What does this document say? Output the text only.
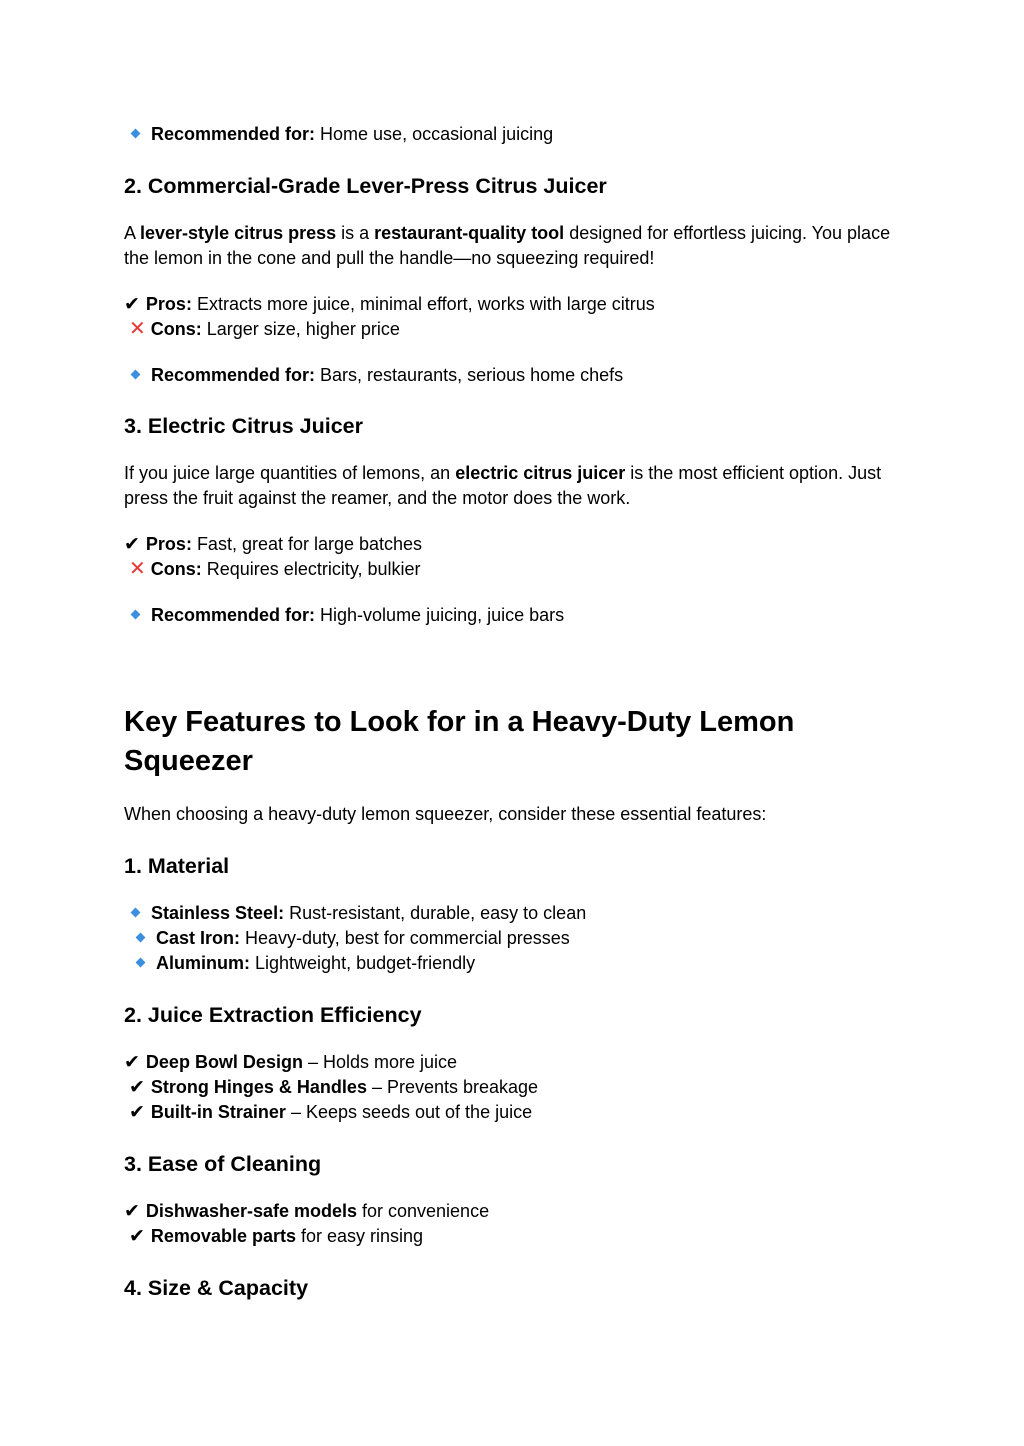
Recommended for: Home use, occasional juicing
2. Commercial-Grade Lever-Press Citrus Juicer
A lever-style citrus press is a restaurant-quality tool designed for effortless juicing. You place the lemon in the cone and pull the handle—no squeezing required!
✔ Pros: Extracts more juice, minimal effort, works with large citrus
✕ Cons: Larger size, higher price
Recommended for: Bars, restaurants, serious home chefs
3. Electric Citrus Juicer
If you juice large quantities of lemons, an electric citrus juicer is the most efficient option. Just press the fruit against the reamer, and the motor does the work.
✔ Pros: Fast, great for large batches
✕ Cons: Requires electricity, bulkier
Recommended for: High-volume juicing, juice bars
Key Features to Look for in a Heavy-Duty Lemon Squeezer
When choosing a heavy-duty lemon squeezer, consider these essential features:
1. Material
Stainless Steel: Rust-resistant, durable, easy to clean
Cast Iron: Heavy-duty, best for commercial presses
Aluminum: Lightweight, budget-friendly
2. Juice Extraction Efficiency
✔ Deep Bowl Design – Holds more juice
✔ Strong Hinges & Handles – Prevents breakage
✔ Built-in Strainer – Keeps seeds out of the juice
3. Ease of Cleaning
✔ Dishwasher-safe models for convenience
✔ Removable parts for easy rinsing
4. Size & Capacity
